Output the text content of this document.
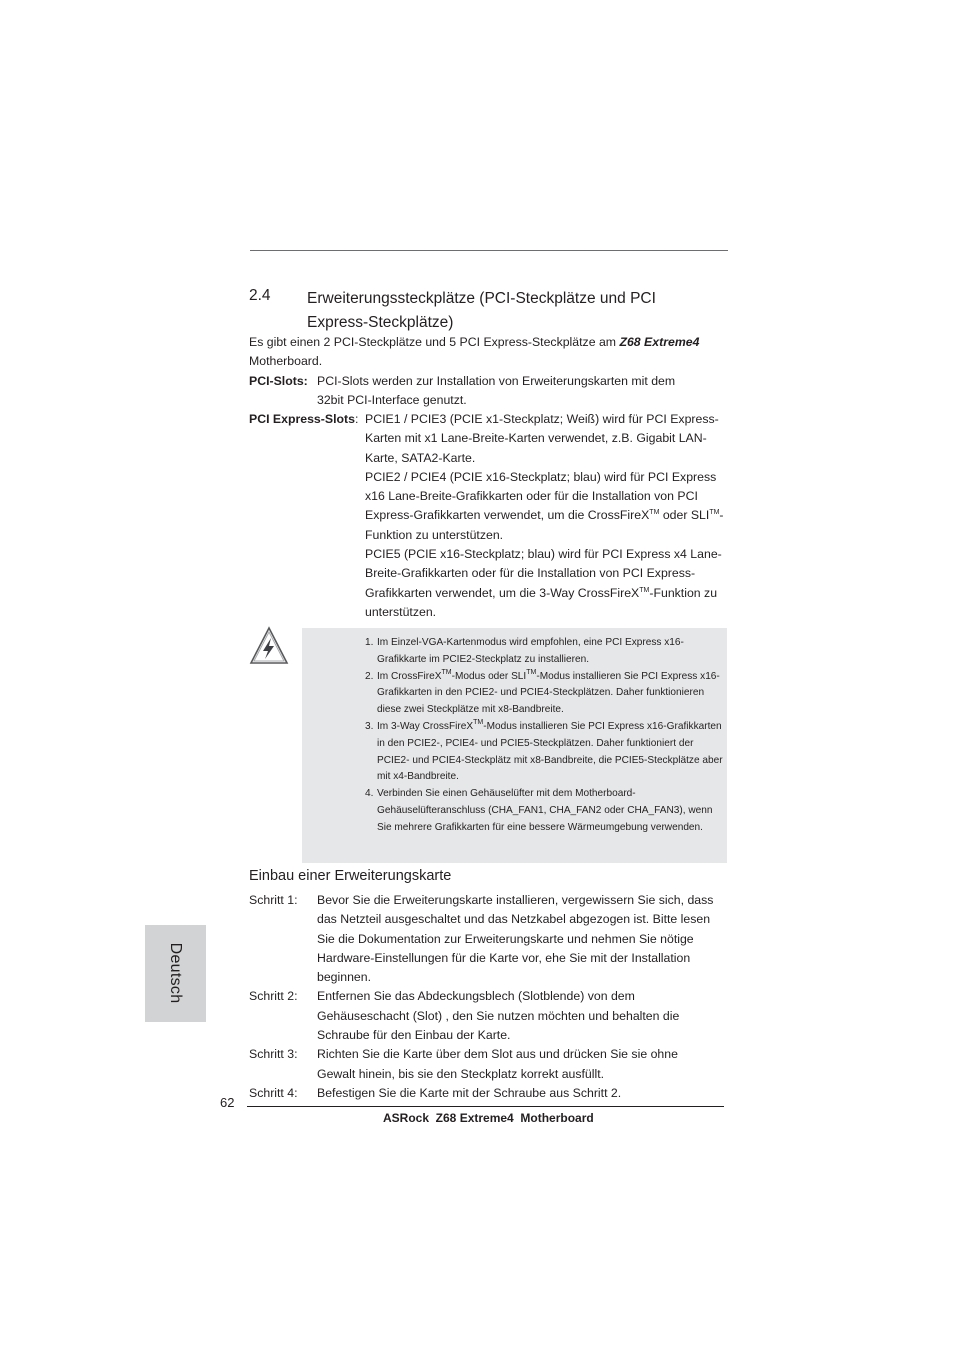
2.4 Erweiterungssteckplätze (PCI-Steckplätze und PCI Express-Steckplätze)
Es gibt einen 2 PCI-Steckplätze und 5 PCI Express-Steckplätze am Z68 Extreme4 Motherboard.
PCI-Slots: PCI-Slots werden zur Installation von Erweiterungskarten mit dem 32bit PCI-Interface genutzt.
PCI Express-Slots: PCIE1 / PCIE3 (PCIE x1-Steckplatz; Weiß) wird für PCI Express-Karten mit x1 Lane-Breite-Karten verwendet, z.B. Gigabit LAN-Karte, SATA2-Karte.

PCIE2 / PCIE4 (PCIE x16-Steckplatz; blau) wird für PCI Express x16 Lane-Breite-Grafikkarten oder für die Installation von PCI Express-Grafikkarten verwendet, um die CrossFireX™ oder SLI™-Funktion zu unterstützen.

PCIE5 (PCIE x16-Steckplatz; blau) wird für PCI Express x4 Lane-Breite-Grafikkarten oder für die Installation von PCI Express-Grafikkarten verwendet, um die 3-Way CrossFireX™-Funktion zu unterstützen.

1. Im Einzel-VGA-Kartenmodus wird empfohlen, eine PCI Express x16-Grafikkarte im PCIE2-Steckplatz zu installieren.
2. Im CrossFireX™-Modus oder SLI™-Modus installieren Sie PCI Express x16-Grafikkarten in den PCIE2- und PCIE4-Steckplätzen. Daher funktionieren diese zwei Steckplätze mit x8-Bandbreite.
3. Im 3-Way CrossFireX™-Modus installieren Sie PCI Express x16-Grafikkarten in den PCIE2-, PCIE4- und PCIE5-Steckplätzen. Daher funktioniert der PCIE2- und PCIE4-Steckplätz mit x8-Bandbreite, die PCIE5-Steckplätze aber mit x4-Bandbreite.
4. Verbinden Sie einen Gehäuselüfter mit dem Motherboard-Gehäuselüfteranschluss (CHA_FAN1, CHA_FAN2 oder CHA_FAN3), wenn Sie mehrere Grafikkarten für eine bessere Wärmeumgebung verwenden.
Einbau einer Erweiterungskarte
Schritt 1: Bevor Sie die Erweiterungskarte installieren, vergewissern Sie sich, dass das Netzteil ausgeschaltet und das Netzkabel abgezogen ist. Bitte lesen Sie die Dokumentation zur Erweiterungskarte und nehmen Sie nötige Hardware-Einstellungen für die Karte vor, ehe Sie mit der Installation beginnen.
Schritt 2: Entfernen Sie das Abdeckungsblech (Slotblende) von dem Gehäuseschacht (Slot) , den Sie nutzen möchten und behalten die Schraube für den Einbau der Karte.
Schritt 3: Richten Sie die Karte über dem Slot aus und drücken Sie sie ohne Gewalt hinein, bis sie den Steckplatz korrekt ausfüllt.
Schritt 4: Befestigen Sie die Karte mit der Schraube aus Schritt 2.
Deutsch
62
ASRock  Z68 Extreme4  Motherboard
